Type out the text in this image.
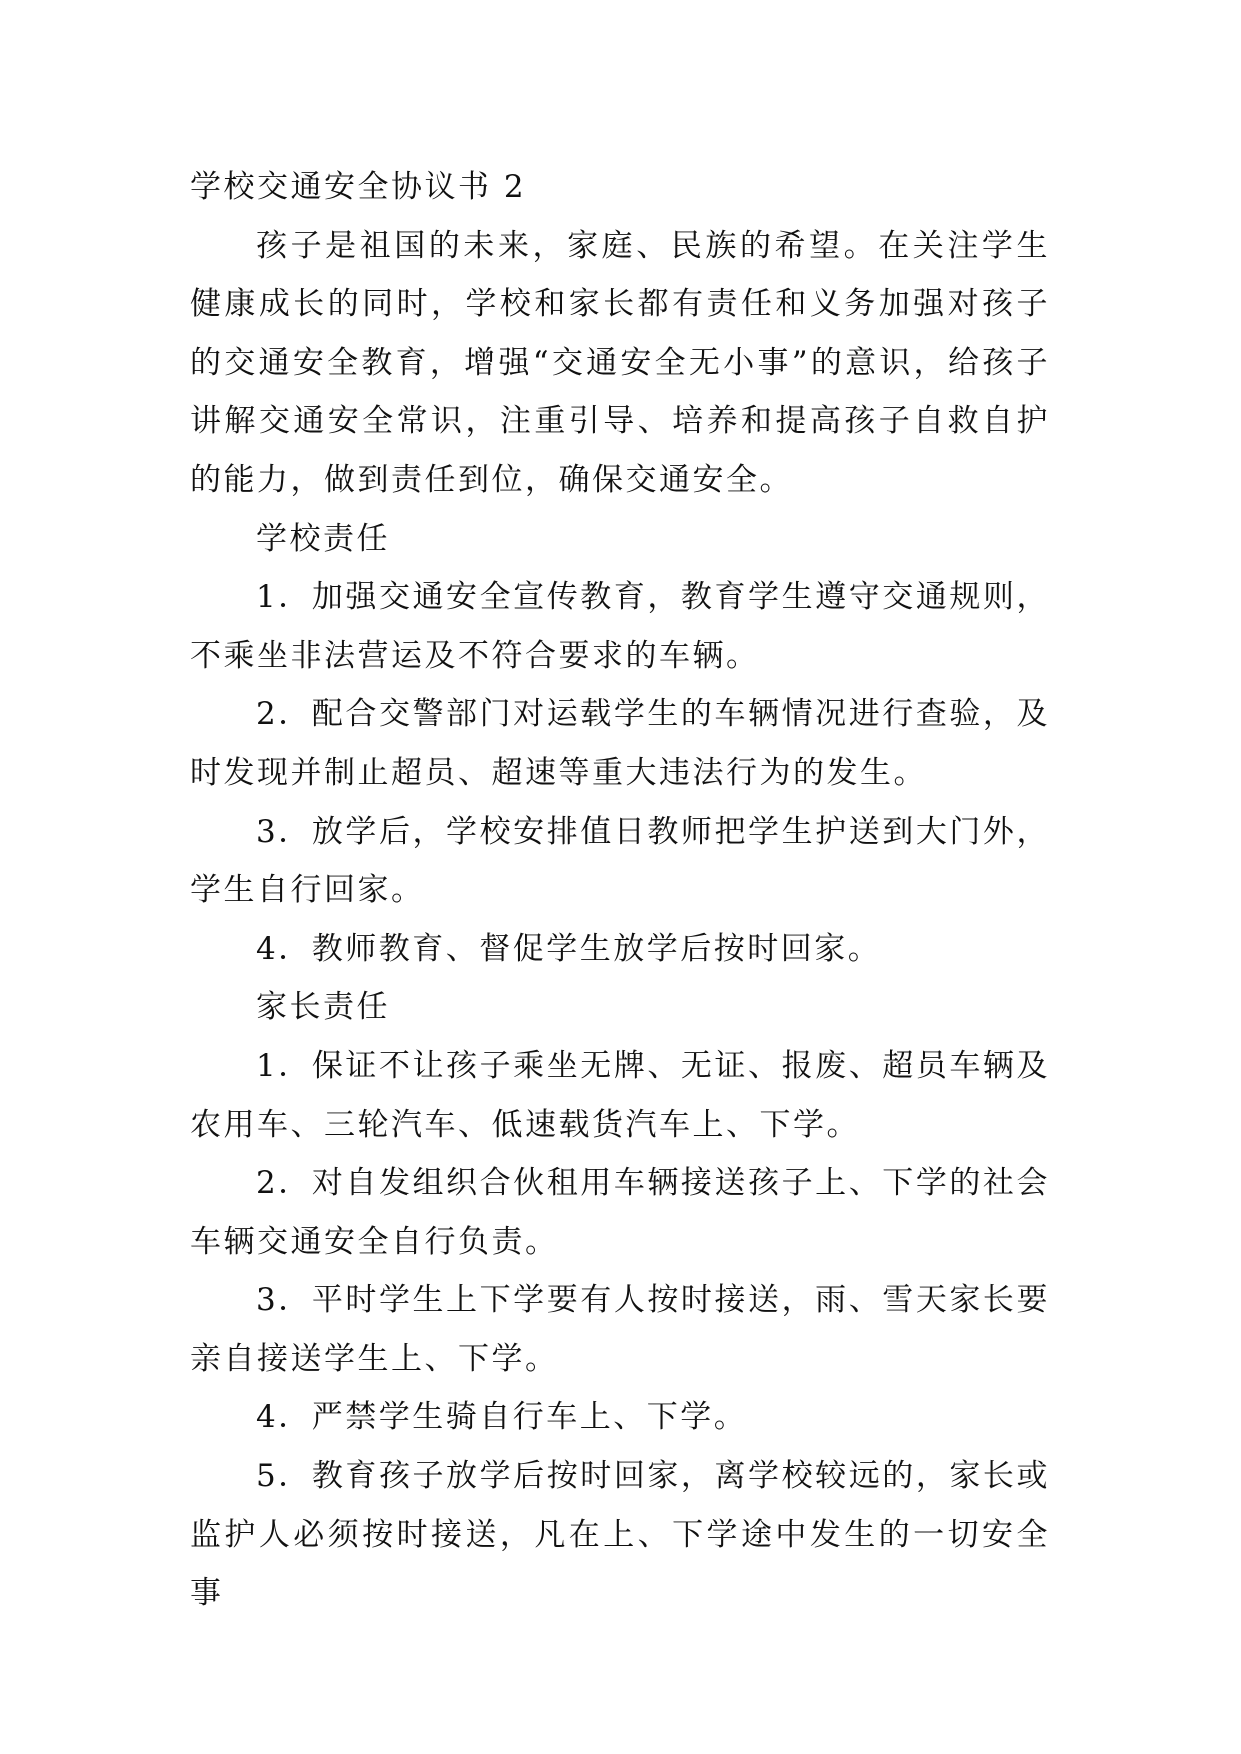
学校交通安全协议书 2

孩子是祖国的未来，家庭、民族的希望。在关注学生健康成长的同时，学校和家长都有责任和义务加强对孩子的交通安全教育，增强“交通安全无小事”的意识，给孩子讲解交通安全常识，注重引导、培养和提高孩子自救自护的能力，做到责任到位，确保交通安全。

学校责任

1．加强交通安全宣传教育，教育学生遵守交通规则，不乘坐非法营运及不符合要求的车辆。

2．配合交警部门对运载学生的车辆情况进行查验，及时发现并制止超员、超速等重大违法行为的发生。

3．放学后，学校安排值日教师把学生护送到大门外，学生自行回家。

4．教师教育、督促学生放学后按时回家。

家长责任

1．保证不让孩子乘坐无牌、无证、报废、超员车辆及农用车、三轮汽车、低速载货汽车上、下学。

2．对自发组织合伙租用车辆接送孩子上、下学的社会车辆交通安全自行负责。

3．平时学生上下学要有人按时接送，雨、雪天家长要亲自接送学生上、下学。

4．严禁学生骑自行车上、下学。

5．教育孩子放学后按时回家，离学校较远的，家长或监护人必须按时接送，凡在上、下学途中发生的一切安全事
